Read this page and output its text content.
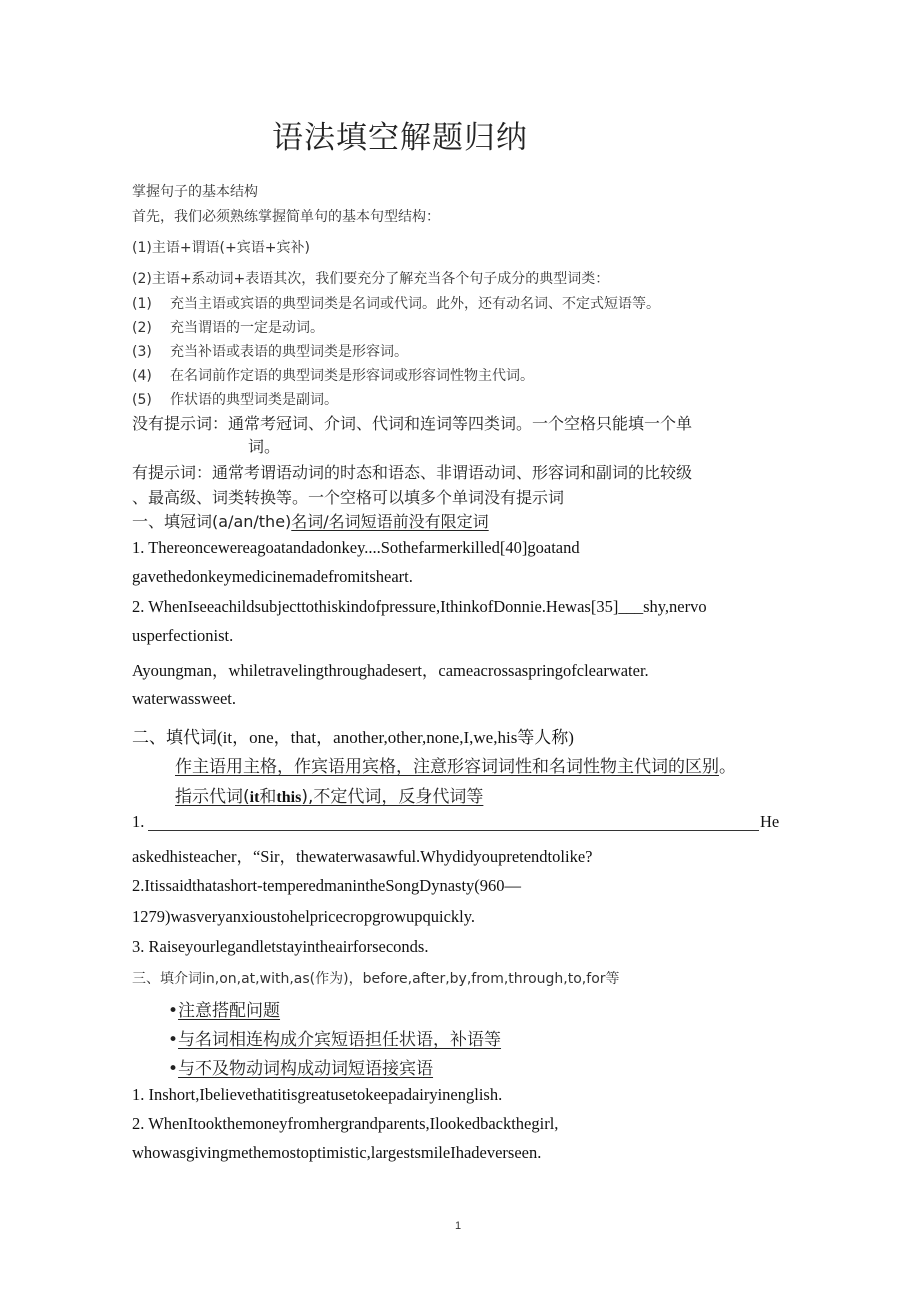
语法填空解题归纳
掌握句子的基本结构
首先，我们必须熟练掌握简单句的基本句型结构：
(1)主语+谓语(+宾语+宾补)
(2)主语+系动词+表语其次，我们要充分了解充当各个句子成分的典型词类：
(1) 充当主语或宾语的典型词类是名词或代词。此外，还有动名词、不定式短语等。
(2) 充当谓语的一定是动词。
(3) 充当补语或表语的典型词类是形容词。
(4) 在名词前作定语的典型词类是形容词或形容词性物主代词。
(5) 作状语的典型词类是副词。
没有提示词：通常考冠词、介词、代词和连词等四类词。一个空格只能填一个单
词。
有提示词：通常考谓语动词的时态和语态、非谓语动词、形容词和副词的比较级
、最高级、词类转换等。一个空格可以填多个单词没有提示词
一、填冠词(a/an/the)名词/名词短语前没有限定词
1. Thereoncewereagoatandadonkey....Sothefarmerkilled[40]goatand
gavethedonkeymedicinemadefromitsheart.
2. WhenIseeachildsubjecttothiskindofpressure,IthinkofDonnie.Hewas[35]___shy,nervo
usperfectionist.
Ayoungman，whiletravelingthroughadesert，cameacrossaspringofclearwater.
waterwassweet.
二、填代词(it，one，that，another,other,none,I,we,his等人称)
作主语用主格，作宾语用宾格，注意形容词词性和名词性物主代词的区别。
指示代词(it和this),不定代词，反身代词等
1.	He
askedhisteacher，“Sir，thewaterwasawful.Whydidyoupretendtolike?
2.Itissaidthatashort-temperedmanintheSongDynasty(960—
1279)wasveryanxioustohelpricecropgrowupquickly.
3. Raiseyourlegandletstayintheairforseconds.
三、填介词in,on,at,with,as(作为)，before,after,by,from,through,to,for等
•注意搭配问题
•与名词相连构成介宾短语担任状语，补语等
•与不及物动词构成动词短语接宾语
1. Inshort,Ibelievethatitisgreatusetokeepadairyinenglish.
2. WhenItookthemoneyfromhergrandparents,Ilookedbackthegirl,
whowasgivingmethemostoptimistic,largestsmileIhadeverseen.
1
